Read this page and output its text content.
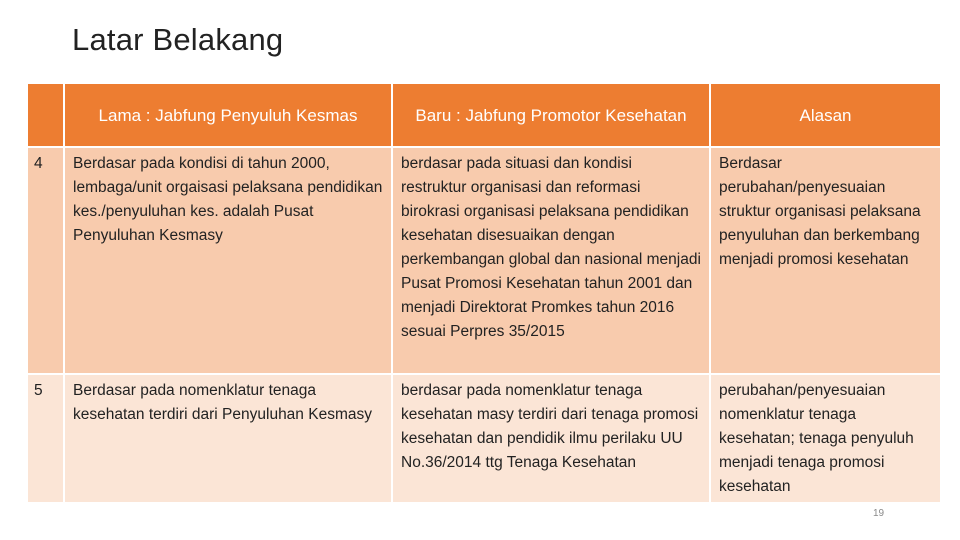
Latar Belakang
	Lama : Jabfung Penyuluh Kesmas	Baru : Jabfung Promotor Kesehatan	Alasan
4	Berdasar pada kondisi di tahun 2000, lembaga/unit orgaisasi pelaksana pendidikan kes./penyuluhan kes. adalah Pusat Penyuluhan Kesmasy	berdasar pada situasi dan kondisi restruktur organisasi dan reformasi birokrasi organisasi pelaksana pendidikan kesehatan disesuaikan dengan perkembangan global dan nasional menjadi Pusat Promosi Kesehatan tahun 2001 dan menjadi Direktorat Promkes tahun 2016 sesuai Perpres 35/2015	Berdasar perubahan/penyesuaian struktur organisasi pelaksana penyuluhan dan berkembang menjadi promosi kesehatan
5	Berdasar pada nomenklatur tenaga kesehatan terdiri dari Penyuluhan Kesmasy	berdasar pada nomenklatur tenaga kesehatan masy terdiri dari tenaga promosi kesehatan dan pendidik ilmu perilaku UU No.36/2014 ttg Tenaga Kesehatan	perubahan/penyesuaian nomenklatur tenaga kesehatan; tenaga penyuluh menjadi tenaga promosi kesehatan
19
